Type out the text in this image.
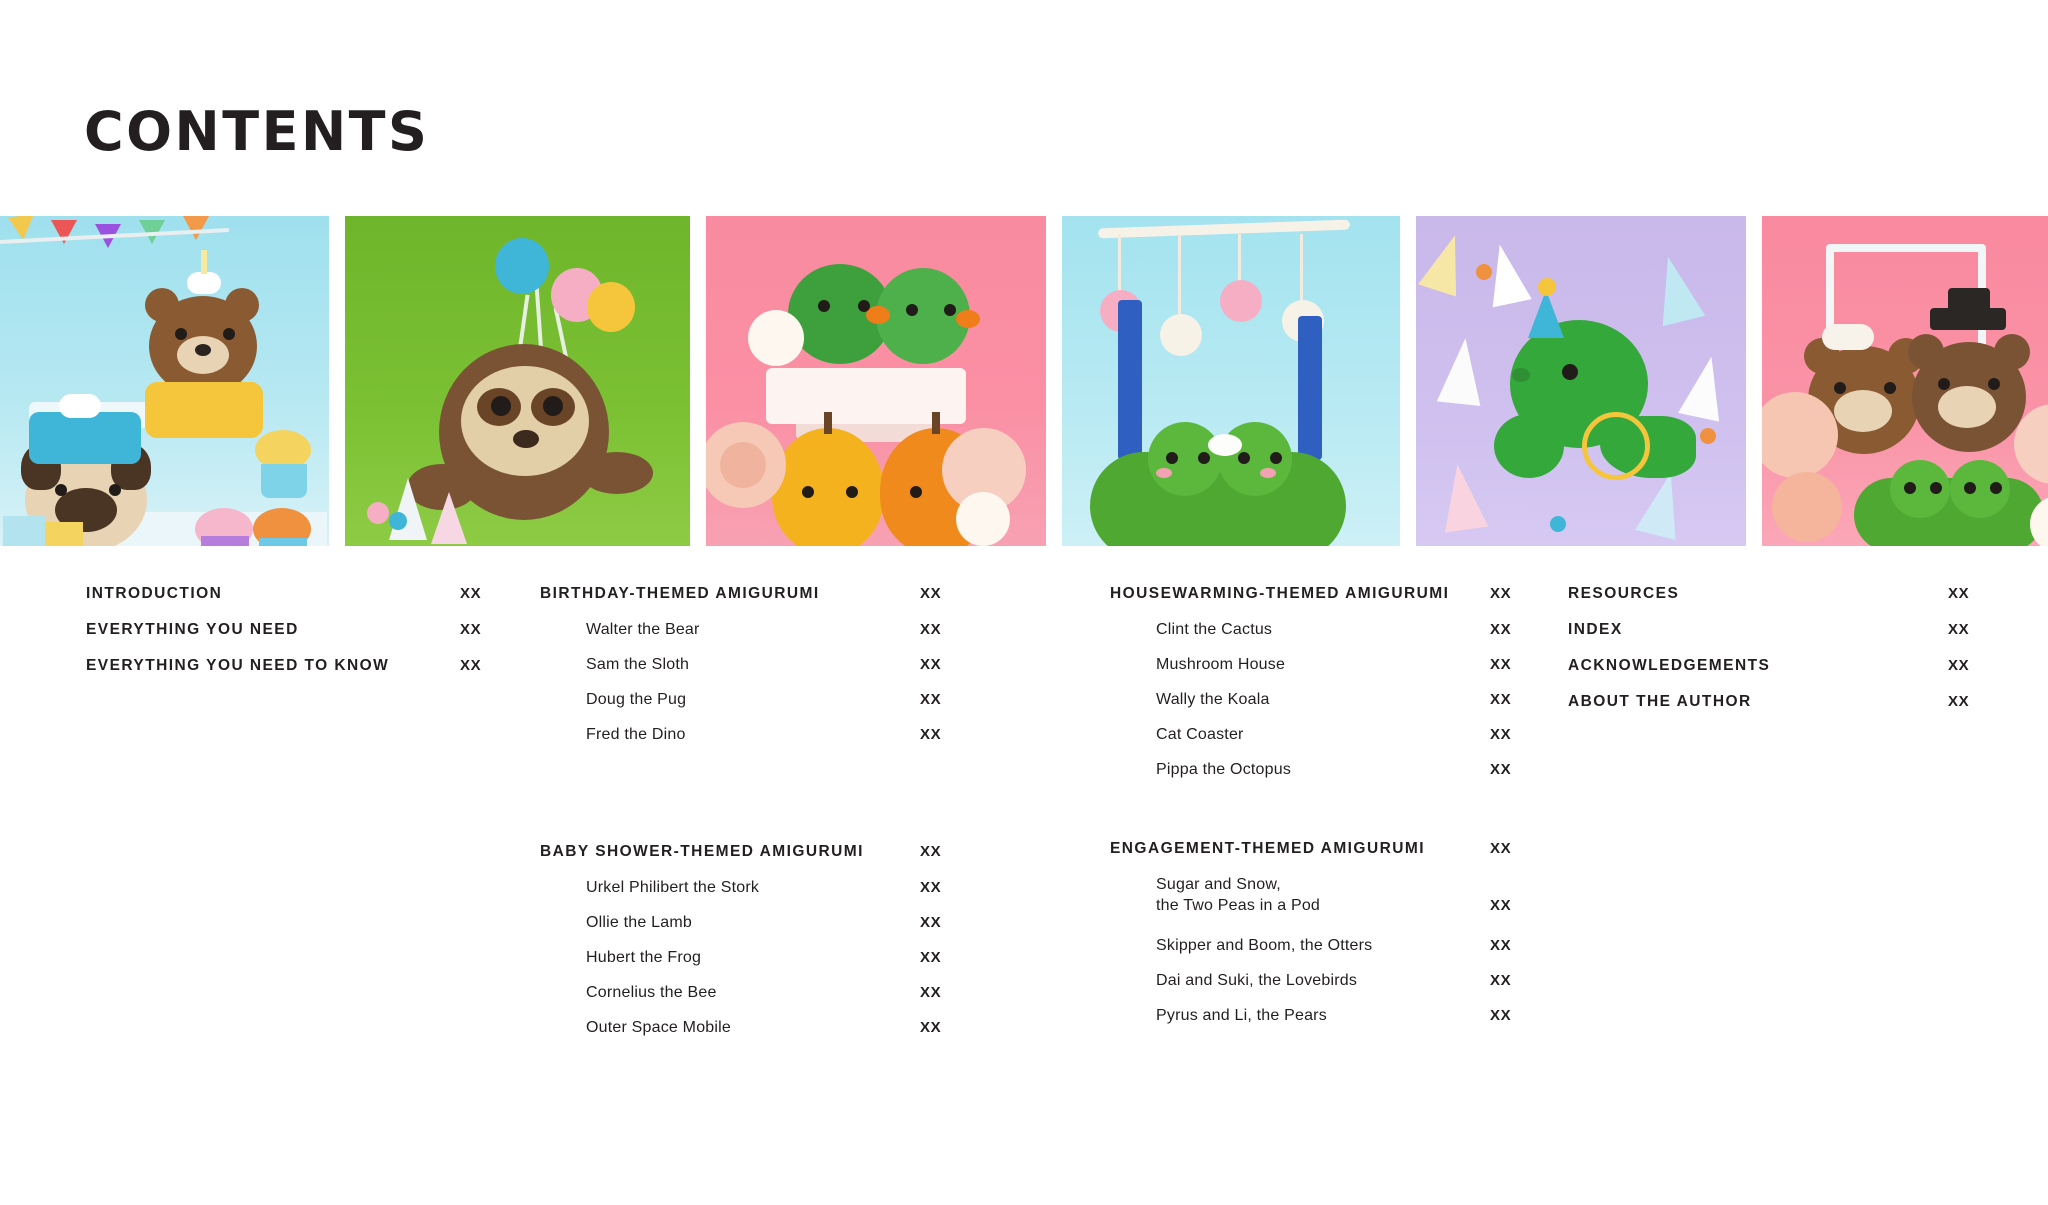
CONTENTS
INTRODUCTION	XX
EVERYTHING YOU NEED	XX
EVERYTHING YOU NEED TO KNOW	XX
BIRTHDAY-THEMED AMIGURUMI	XX
Walter the Bear	XX
Sam the Sloth	XX
Doug the Pug	XX
Fred the Dino	XX
BABY SHOWER-THEMED AMIGURUMI	XX
Urkel Philibert the Stork	XX
Ollie the Lamb	XX
Hubert the Frog	XX
Cornelius the Bee	XX
Outer Space Mobile	XX
HOUSEWARMING-THEMED AMIGURUMI	XX
Clint the Cactus	XX
Mushroom House	XX
Wally the Koala	XX
Cat Coaster	XX
Pippa the Octopus	XX
ENGAGEMENT-THEMED AMIGURUMI	XX
Sugar and Snow,
the Two Peas in a Pod	XX
Skipper and Boom, the Otters	XX
Dai and Suki, the Lovebirds	XX
Pyrus and Li, the Pears	XX
RESOURCES	XX
INDEX	XX
ACKNOWLEDGEMENTS	XX
ABOUT THE AUTHOR	XX
